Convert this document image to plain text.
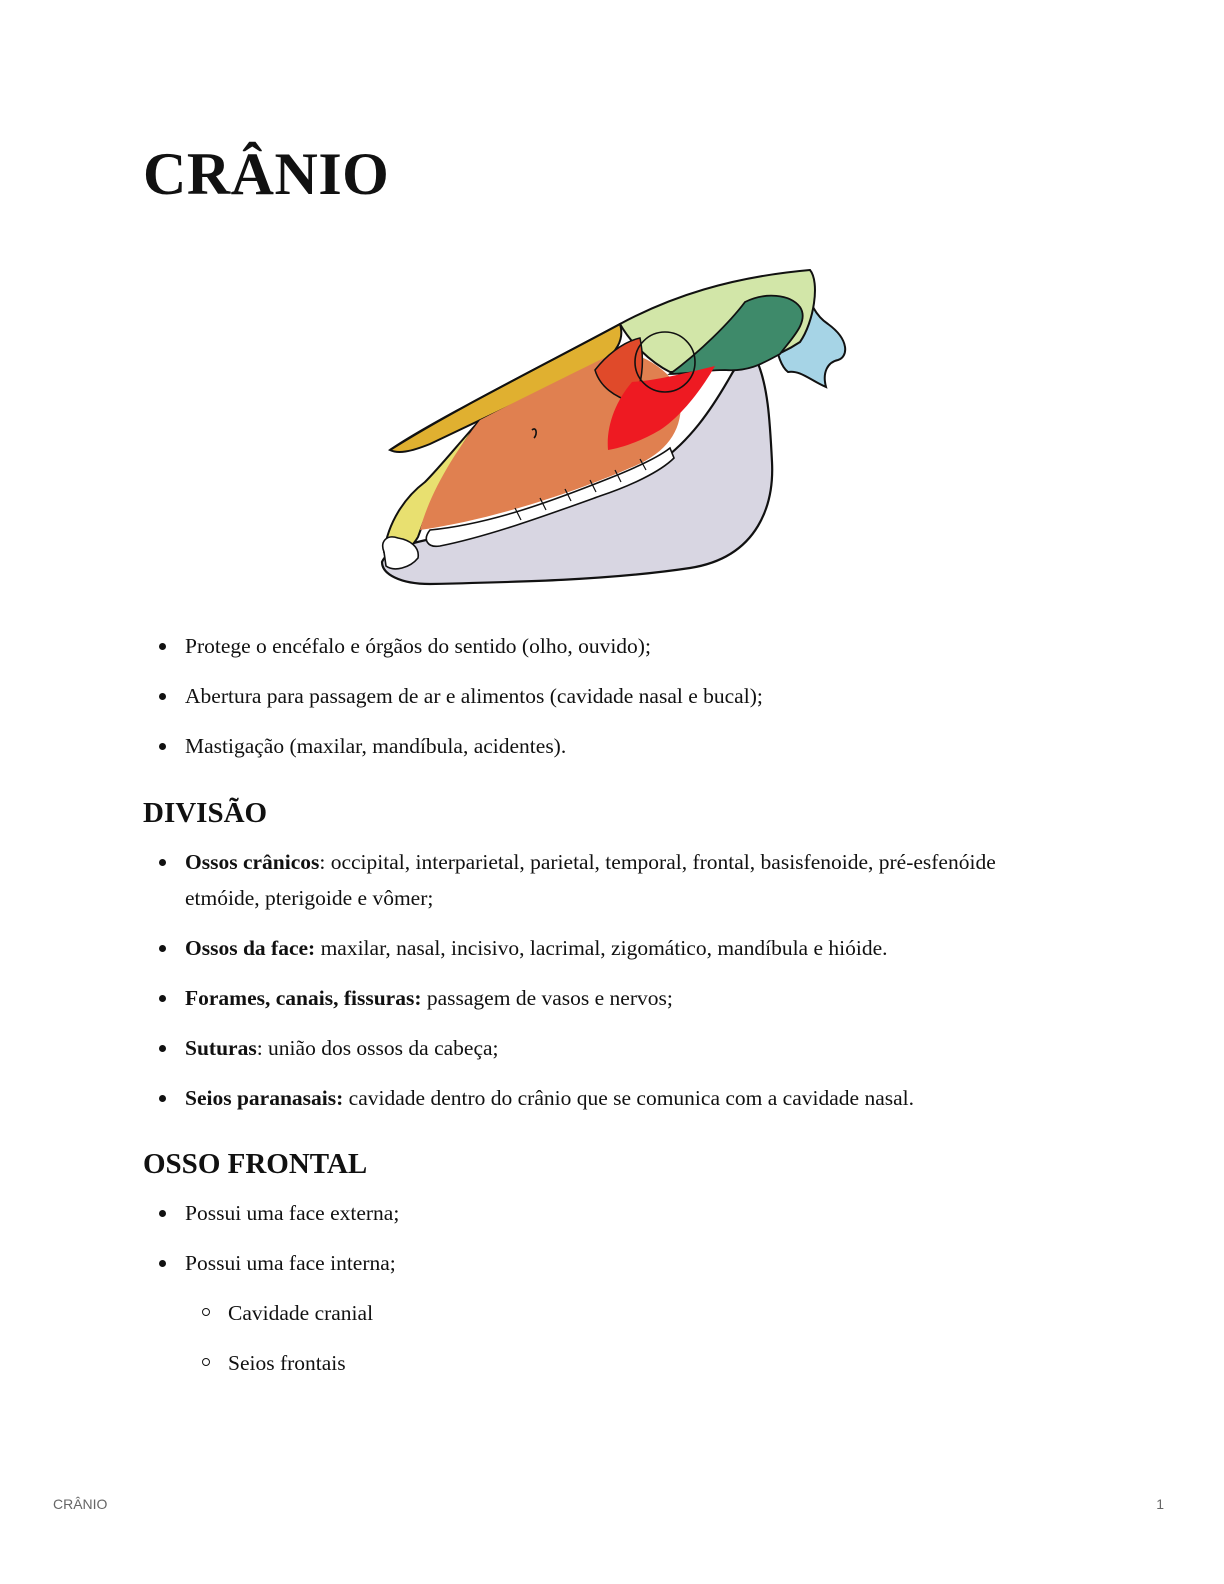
CRÂNIO
Protege o encéfalo e órgãos do sentido (olho, ouvido);
Abertura para passagem de ar e alimentos (cavidade nasal e bucal);
Mastigação (maxilar, mandíbula, acidentes).
DIVISÃO
Ossos crânicos: occipital, interparietal, parietal, temporal, frontal, basisfenoide, pré-esfenóide etmóide, pterigoide e vômer;
Ossos da face: maxilar, nasal, incisivo, lacrimal, zigomático, mandíbula e hióide.
Forames, canais, fissuras: passagem de vasos e nervos;
Suturas: união dos ossos da cabeça;
Seios paranasais: cavidade dentro do crânio que se comunica com a cavidade nasal.
OSSO FRONTAL
Possui uma face externa;
Possui uma face interna;
Cavidade cranial
Seios frontais
CRÂNIO	1
